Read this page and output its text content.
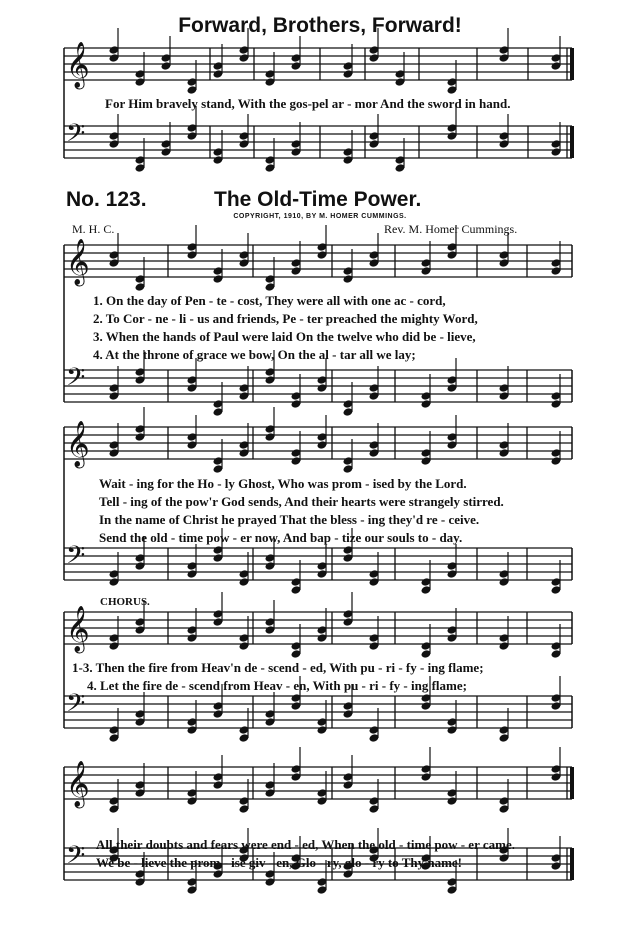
Forward, Brothers, Forward!
No. 123.	The Old-Time Power.
COPYRIGHT, 1910, BY M. HOMER CUMMINGS.
M. H. C.	Rev. M. Homer Cummings.
CHORUS.
𝄞
𝄢
𝄞
𝄢
𝄞
𝄢
𝄞
𝄢
𝄞
𝄢
For Him bravely stand, With the gos-pel ar - mor And the sword in hand.
1. On the day of Pen - te - cost, They were all with one ac - cord,
2. To Cor - ne - li - us and friends, Pe - ter preached the mighty Word,
3. When the hands of Paul were laid On the twelve who did be - lieve,
4. At the throne of grace we bow, On the al - tar all we lay;
Wait - ing for the Ho - ly Ghost, Who was prom - ised by the Lord.
Tell - ing of the pow'r God sends, And their hearts were strangely stirred.
In the name of Christ he prayed That the bless - ing they'd re - ceive.
Send the old - time pow - er now, And bap - tize our souls to - day.
1-3. Then the fire from Heav'n de - scend - ed, With pu - ri - fy - ing flame;
4. Let the fire de - scend from Heav - en, With pu - ri - fy - ing flame;
All their doubts and fears were end - ed, When the old - time pow - er came.
We be - lieve the prom - ise giv - en, Glo - ry, glo - ry to Thy name!
